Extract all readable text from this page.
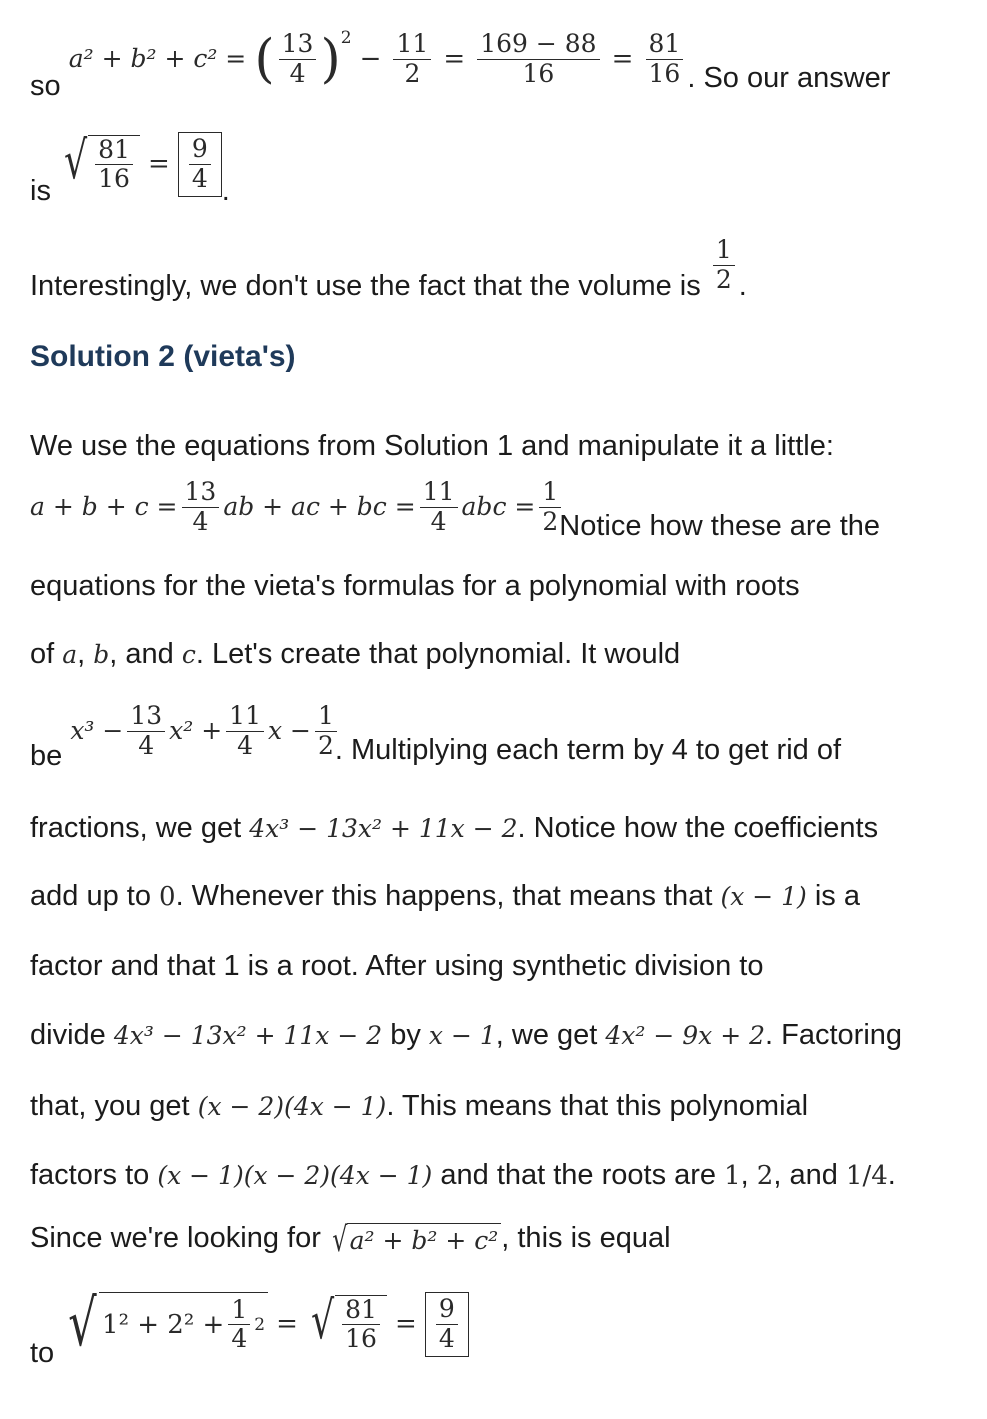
so a² + b² + c² = ( $\frac{13}{4} )^2 - \frac{11}{2} = \frac{169 - 88}{16} = \frac{81}{16}$ . So our answer
is
√ $\frac{81}{16} = \frac{9}{4}$ .
Interestingly, we don't use the fact that the volume is $\frac{1}{2}$ .
Solution 2 (vieta's)
We use the equations from Solution 1 and manipulate it a little:
$a + b + c = \frac{13}{4}$ ab + ac + bc = $\frac{11}{4}$ abc = $\frac{1}{2}$
Notice how these are the
equations for the vieta's formulas for a polynomial with roots
of a, b, and c. Let's create that polynomial. It would
be $x^3 - \frac{13}{4} x^2 + \frac{11}{4}$ $x - \frac{1}{2}$
. Multiplying each term by 4 to get rid of
fractions, we get 4x³ − 13x² + 11x − 2. Notice how the coefficients
add up to 0. Whenever this happens, that means that (x − 1) is a
factor and that 1 is a root. After using synthetic division to
divide 4x³ − 13x² + 11x − 2 by x − 1, we get 4x² − 9x + 2. Factoring
that, you get (x − 2)(4x − 1). This means that this polynomial
factors to (x − 1)(x − 2)(4x − 1) and that the roots are 1, 2, and 1/4.
Since we're looking for √ a² + b² + c² , this is equal
to √ $1^2 + 2^2 + \frac{1}{4} 2$ = √ $\frac{81}{16} = \frac{9}{4}$
